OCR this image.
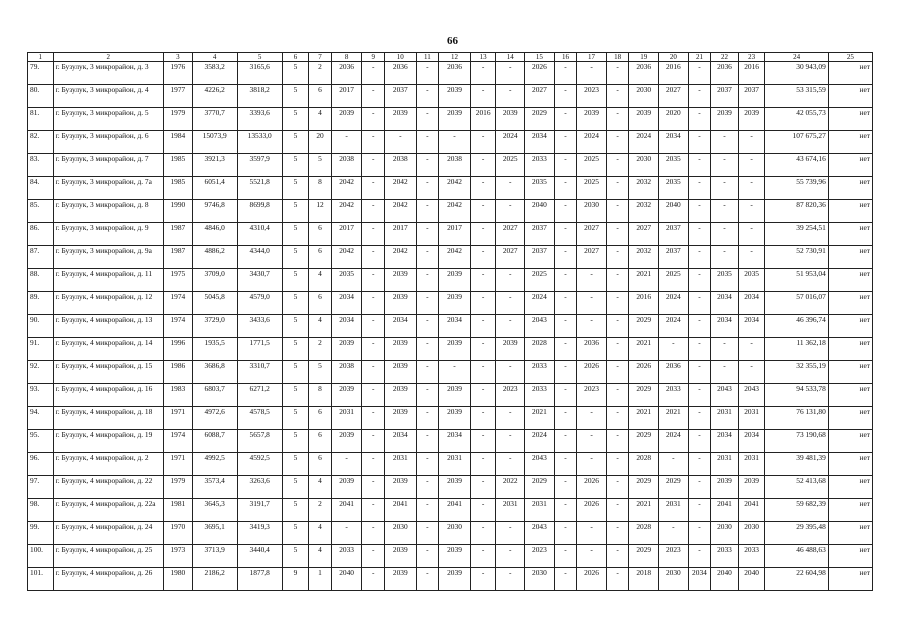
66
1	2	3	4	5	6	7	8	9	10	11	12	13	14	15	16	17	18	19	20	21	22	23	24	25
79.	г. Бузулук, 3 микрорайон, д. 3	1976	3583,2	3165,6	5	2	2036	-	2036	-	2036	-	-	2026	-	-	-	2036	2016	-	2036	2016	30 943,09	нет
80.	г. Бузулук, 3 микрорайон, д. 4	1977	4226,2	3818,2	5	6	2017	-	2037	-	2039	-	-	2027	-	2023	-	2030	2027	-	2037	2037	53 315,59	нет
81.	г. Бузулук, 3 микрорайон, д. 5	1979	3770,7	3393,6	5	4	2039	-	2039	-	2039	2016	2039	2029	-	2039	-	2039	2020	-	2039	2039	42 055,73	нет
82.	г. Бузулук, 3 микрорайон, д. 6	1984	15073,9	13533,0	5	20	-	-	-	-	-	-	2024	2034	-	2024	-	2024	2034	-	-	-	107 675,27	нет
83.	г. Бузулук, 3 микрорайон, д. 7	1985	3921,3	3597,9	5	5	2038	-	2038	-	2038	-	2025	2033	-	2025	-	2030	2035	-	-	-	43 674,16	нет
84.	г. Бузулук, 3 микрорайон, д. 7а	1985	6051,4	5521,8	5	8	2042	-	2042	-	2042	-	-	2035	-	2025	-	2032	2035	-	-	-	55 739,96	нет
85.	г. Бузулук, 3 микрорайон, д. 8	1990	9746,8	8699,8	5	12	2042	-	2042	-	2042	-	-	2040	-	2030	-	2032	2040	-	-	-	87 820,36	нет
86.	г. Бузулук, 3 микрорайон, д. 9	1987	4846,0	4310,4	5	6	2017	-	2017	-	2017	-	2027	2037	-	2027	-	2027	2037	-	-	-	39 254,51	нет
87.	г. Бузулук, 3 микрорайон, д. 9а	1987	4886,2	4344,0	5	6	2042	-	2042	-	2042	-	2027	2037	-	2027	-	2032	2037	-	-	-	52 730,91	нет
88.	г. Бузулук, 4 микрорайон, д. 11	1975	3709,0	3430,7	5	4	2035	-	2039	-	2039	-	-	2025	-	-	-	2021	2025	-	2035	2035	51 953,04	нет
89.	г. Бузулук, 4 микрорайон, д. 12	1974	5045,8	4579,0	5	6	2034	-	2039	-	2039	-	-	2024	-	-	-	2016	2024	-	2034	2034	57 016,07	нет
90.	г. Бузулук, 4 микрорайон, д. 13	1974	3729,0	3433,6	5	4	2034	-	2034	-	2034	-	-	2043	-	-	-	2029	2024	-	2034	2034	46 396,74	нет
91.	г. Бузулук, 4 микрорайон, д. 14	1996	1935,5	1771,5	5	2	2039	-	2039	-	2039	-	2039	2028	-	2036	-	2021	-	-	-	-	11 362,18	нет
92.	г. Бузулук, 4 микрорайон, д. 15	1986	3686,8	3310,7	5	5	2038	-	2039	-	-	-	-	2033	-	2026	-	2026	2036	-	-	-	32 355,19	нет
93.	г. Бузулук, 4 микрорайон, д. 16	1983	6803,7	6271,2	5	8	2039	-	2039	-	2039	-	2023	2033	-	2023	-	2029	2033	-	2043	2043	94 533,78	нет
94.	г. Бузулук, 4 микрорайон, д. 18	1971	4972,6	4578,5	5	6	2031	-	2039	-	2039	-	-	2021	-	-	-	2021	2021	-	2031	2031	76 131,80	нет
95.	г. Бузулук, 4 микрорайон, д. 19	1974	6088,7	5657,8	5	6	2039	-	2034	-	2034	-	-	2024	-	-	-	2029	2024	-	2034	2034	73 190,68	нет
96.	г. Бузулук, 4 микрорайон, д. 2	1971	4992,5	4592,5	5	6	-	-	2031	-	2031	-	-	2043	-	-	-	2028	-	-	2031	2031	39 481,39	нет
97.	г. Бузулук, 4 микрорайон, д. 22	1979	3573,4	3263,6	5	4	2039	-	2039	-	2039	-	2022	2029	-	2026	-	2029	2029	-	2039	2039	52 413,68	нет
98.	г. Бузулук, 4 микрорайон, д. 22а	1981	3645,3	3191,7	5	2	2041	-	2041	-	2041	-	2031	2031	-	2026	-	2021	2031	-	2041	2041	59 682,39	нет
99.	г. Бузулук, 4 микрорайон, д. 24	1970	3695,1	3419,3	5	4	-	-	2030	-	2030	-	-	2043	-	-	-	2028	-	-	2030	2030	29 395,48	нет
100.	г. Бузулук, 4 микрорайон, д. 25	1973	3713,9	3440,4	5	4	2033	-	2039	-	2039	-	-	2023	-	-	-	2029	2023	-	2033	2033	46 488,63	нет
101.	г. Бузулук, 4 микрорайон, д. 26	1980	2186,2	1877,8	9	1	2040	-	2039	-	2039	-	-	2030	-	2026	-	2018	2030	2034	2040	2040	22 604,98	нет
